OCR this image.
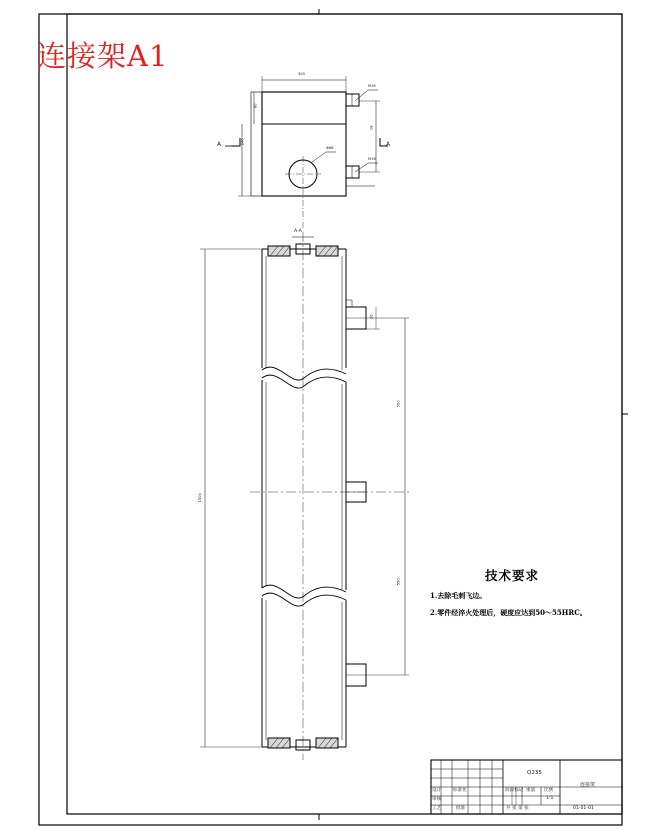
连接架A1
A-A
A	A
300
80
240
18
Φ68
M16
M16
1500
550
550
36
技术要求
1.去除毛刺飞边。
2.零件经淬火处理后，硬度应达到50～55HRC。
Q235
连接架
1:1
01-01-01
设计	标准化
审核
工艺	批准
阶段标记 重量 比例
共 张 第 张
